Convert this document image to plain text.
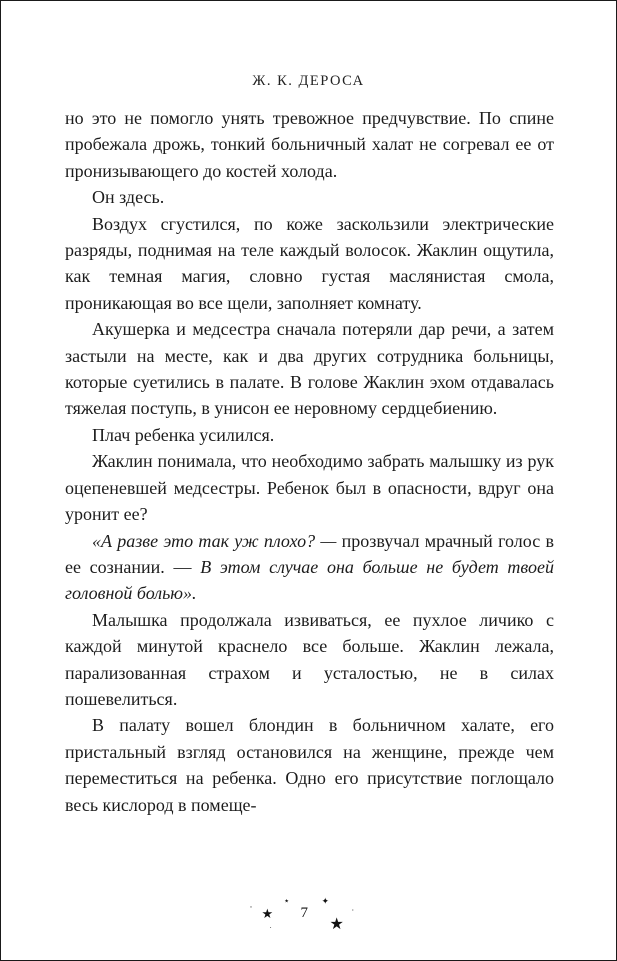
Ж. К. ДЕРОСА

но это не помогло унять тревожное предчувствие. По спине пробежала дрожь, тонкий больничный халат не согревал ее от пронизывающего до костей холода.

Он здесь.

Воздух сгустился, по коже заскользили электрические разряды, поднимая на теле каждый волосок. Жаклин ощутила, как темная магия, словно густая маслянистая смола, проникающая во все щели, заполняет комнату.

Акушерка и медсестра сначала потеряли дар речи, а затем застыли на месте, как и два других сотрудника больницы, которые суетились в палате. В голове Жаклин эхом отдавалась тяжелая поступь, в унисон ее неровному сердцебиению.

Плач ребенка усилился.

Жаклин понимала, что необходимо забрать малышку из рук оцепеневшей медсестры. Ребенок был в опасности, вдруг она уронит ее?

«А разве это так уж плохо? — прозвучал мрачный голос в ее сознании. — В этом случае она больше не будет твоей головной болью».

Малышка продолжала извиваться, ее пухлое личико с каждой минутой краснело все больше. Жаклин лежала, парализованная страхом и усталостью, не в силах пошевелиться.

В палату вошел блондин в больничном халате, его пристальный взгляд остановился на женщине, прежде чем переместиться на ребенка. Одно его присутствие поглощало весь кислород в помеще-

· ★
⋆
·
7
✦
★
·
